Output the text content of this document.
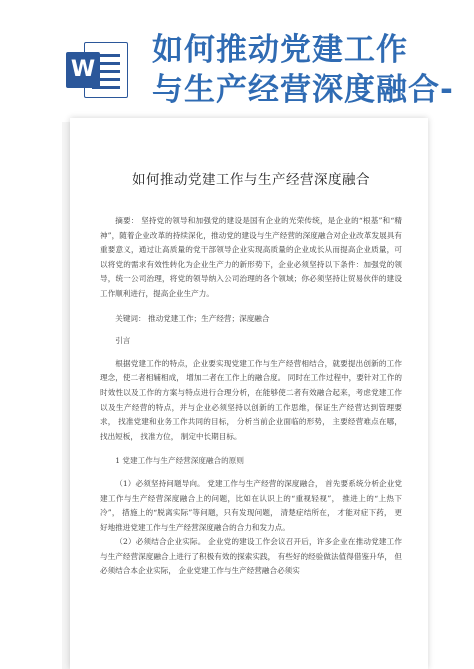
W
如何推动党建工作
与生产经营深度融合-
如何推动党建工作与生产经营深度融合

摘要： 坚持党的领导和加强党的建设是国有企业的光荣传统，是企业的“根基”和“精神”，随着企业改革的持续深化，推动党的建设与生产经营的深度融合对企业改革发展具有重要意义，通过让高质量的党干部领导企业实现高质量的企业成长从而提高企业质量，可以将党的需求有效性转化为企业生产力的新形势下，企业必须坚持以下条件：加强党的领导，统一公司治理，将党的领导纳入公司治理的各个领域；你必须坚持让贸易伙伴的建设工作顺利进行，提高企业生产力。

关键词： 推动党建工作；生产经营；深度融合

引言

根据党建工作的特点，企业要实现党建工作与生产经营相结合，就要提出创新的工作理念，使二者相辅相成， 增加二者在工作上的融合度。 同时在工作过程中，要针对工作的时效性以及工作的方案与特点进行合理分析，在能够使二者有效融合起来，考虑党建工作以及生产经营的特点，并与企业必须坚持以创新的工作思维，保证生产经营达到管理要求， 找准党建和业务工作共同的目标， 分析当前企业面临的形势， 主要经营难点在哪， 找出短板， 找准方位， 制定中长期目标。

1 党建工作与生产经营深度融合的原则

（1）必须坚持问题导向。 党建工作与生产经营的深度融合， 首先要系统分析企业党建工作与生产经营深度融合上的问题，比如在认识上的“重视轻视”， 推进上的“上热下冷”， 措施上的“脱离实际”等问题，只有发现问题， 清楚症结所在， 才能对症下药， 更好地推进党建工作与生产经营深度融合的合力和发力点。

（2）必须结合企业实际。 企业党的建设工作会议召开后，许多企业在推动党建工作与生产经营深度融合上进行了积极有效的探索实践， 有些好的经验做法值得借鉴升华， 但必须结合本企业实际， 企业党建工作与生产经营融合必须实
